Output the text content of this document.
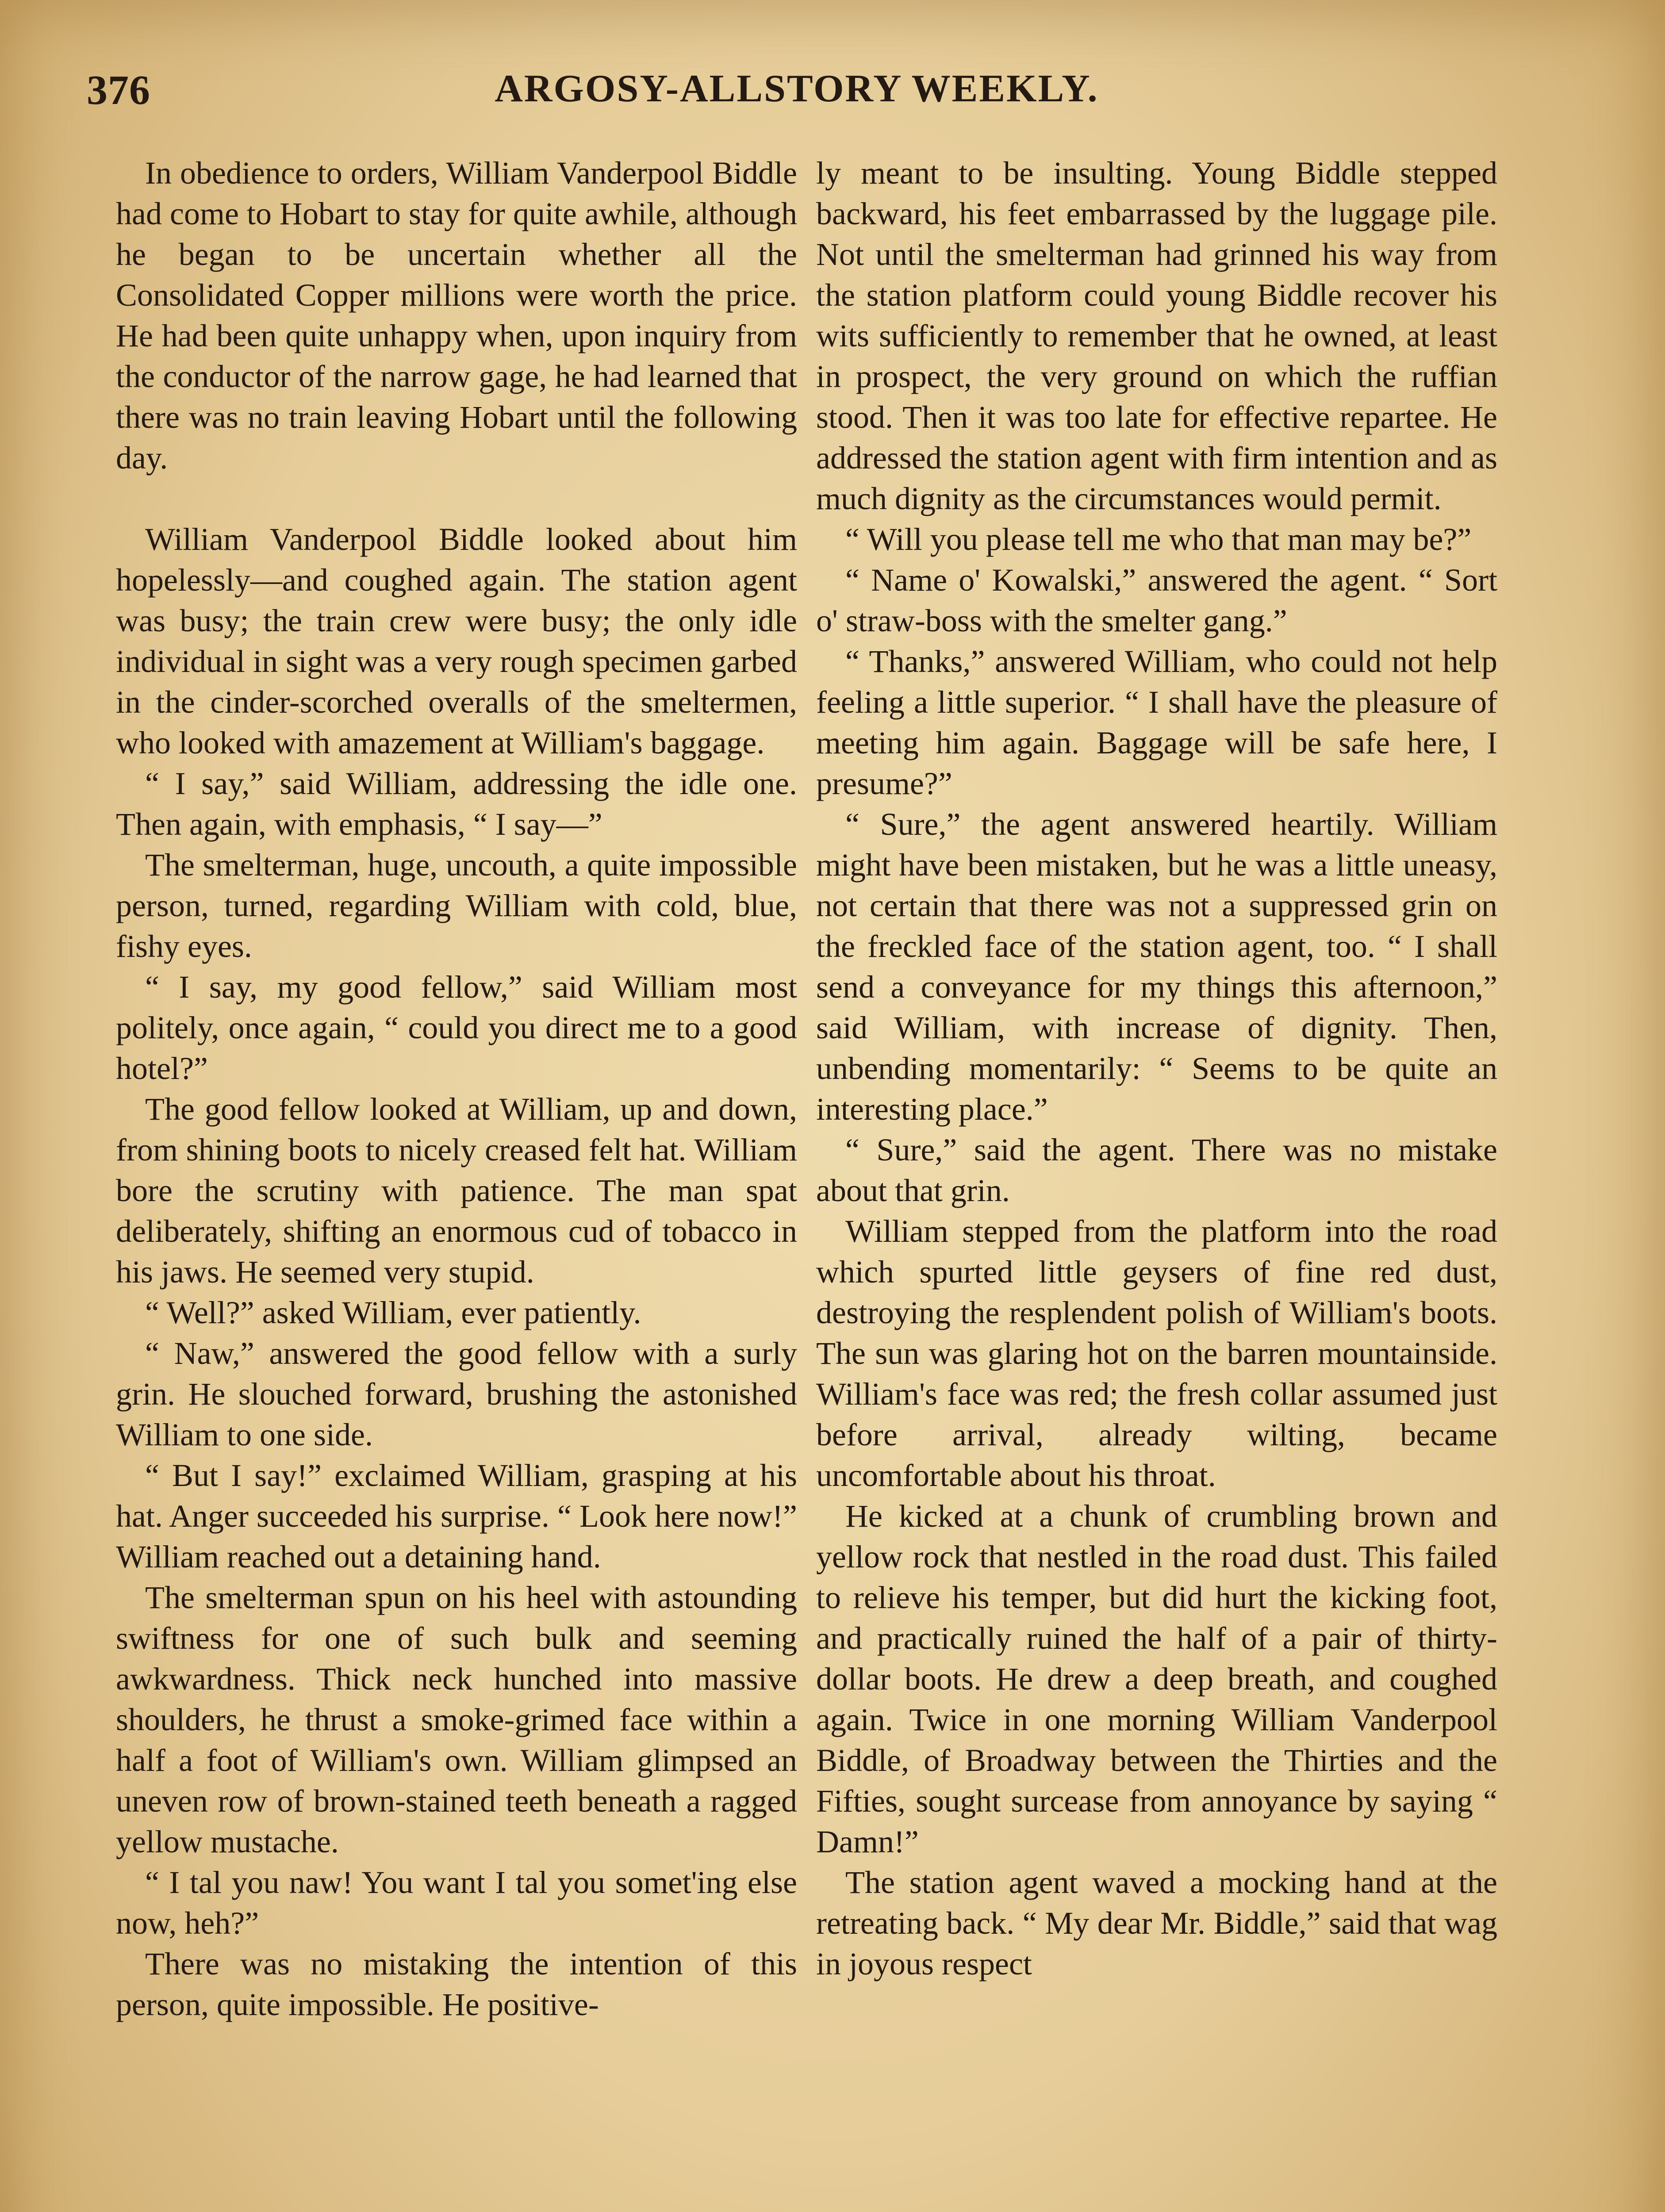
376	ARGOSY-ALLSTORY WEEKLY.

In obedience to orders, William Vanderpool Biddle had come to Hobart to stay for quite awhile, although he began to be uncertain whether all the Consolidated Copper millions were worth the price. He had been quite unhappy when, upon inquiry from the conductor of the narrow gage, he had learned that there was no train leaving Hobart until the following day.

William Vanderpool Biddle looked about him hopelessly—and coughed again. The station agent was busy; the train crew were busy; the only idle individual in sight was a very rough specimen garbed in the cinder-scorched overalls of the smeltermen, who looked with amazement at William's baggage.

“ I say,” said William, addressing the idle one. Then again, with emphasis, “ I say—”

The smelterman, huge, uncouth, a quite impossible person, turned, regarding William with cold, blue, fishy eyes.

“ I say, my good fellow,” said William most politely, once again, “ could you direct me to a good hotel?”

The good fellow looked at William, up and down, from shining boots to nicely creased felt hat. William bore the scrutiny with patience. The man spat deliberately, shifting an enormous cud of tobacco in his jaws. He seemed very stupid.

“ Well?” asked William, ever patiently.

“ Naw,” answered the good fellow with a surly grin. He slouched forward, brushing the astonished William to one side.

“ But I say!” exclaimed William, grasping at his hat. Anger succeeded his surprise. “ Look here now!” William reached out a detaining hand.

The smelterman spun on his heel with astounding swiftness for one of such bulk and seeming awkwardness. Thick neck hunched into massive shoulders, he thrust a smoke-grimed face within a half a foot of William's own. William glimpsed an uneven row of brown-stained teeth beneath a ragged yellow mustache.

“ I tal you naw! You want I tal you somet'ing else now, heh?”

There was no mistaking the intention of this person, quite impossible. He positive-

ly meant to be insulting. Young Biddle stepped backward, his feet embarrassed by the luggage pile. Not until the smelterman had grinned his way from the station platform could young Biddle recover his wits sufficiently to remember that he owned, at least in prospect, the very ground on which the ruffian stood. Then it was too late for effective repartee. He addressed the station agent with firm intention and as much dignity as the circumstances would permit.

“ Will you please tell me who that man may be?”

“ Name o' Kowalski,” answered the agent. “ Sort o' straw-boss with the smelter gang.”

“ Thanks,” answered William, who could not help feeling a little superior. “ I shall have the pleasure of meeting him again. Baggage will be safe here, I presume?”

“ Sure,” the agent answered heartily. William might have been mistaken, but he was a little uneasy, not certain that there was not a suppressed grin on the freckled face of the station agent, too. “ I shall send a conveyance for my things this afternoon,” said William, with increase of dignity. Then, unbending momentarily: “ Seems to be quite an interesting place.”

“ Sure,” said the agent. There was no mistake about that grin.

William stepped from the platform into the road which spurted little geysers of fine red dust, destroying the resplendent polish of William's boots. The sun was glaring hot on the barren mountainside. William's face was red; the fresh collar assumed just before arrival, already wilting, became uncomfortable about his throat.

He kicked at a chunk of crumbling brown and yellow rock that nestled in the road dust. This failed to relieve his temper, but did hurt the kicking foot, and practically ruined the half of a pair of thirty-dollar boots. He drew a deep breath, and coughed again. Twice in one morning William Vanderpool Biddle, of Broadway between the Thirties and the Fifties, sought surcease from annoyance by saying “ Damn!”

The station agent waved a mocking hand at the retreating back. “ My dear Mr. Biddle,” said that wag in joyous respect
